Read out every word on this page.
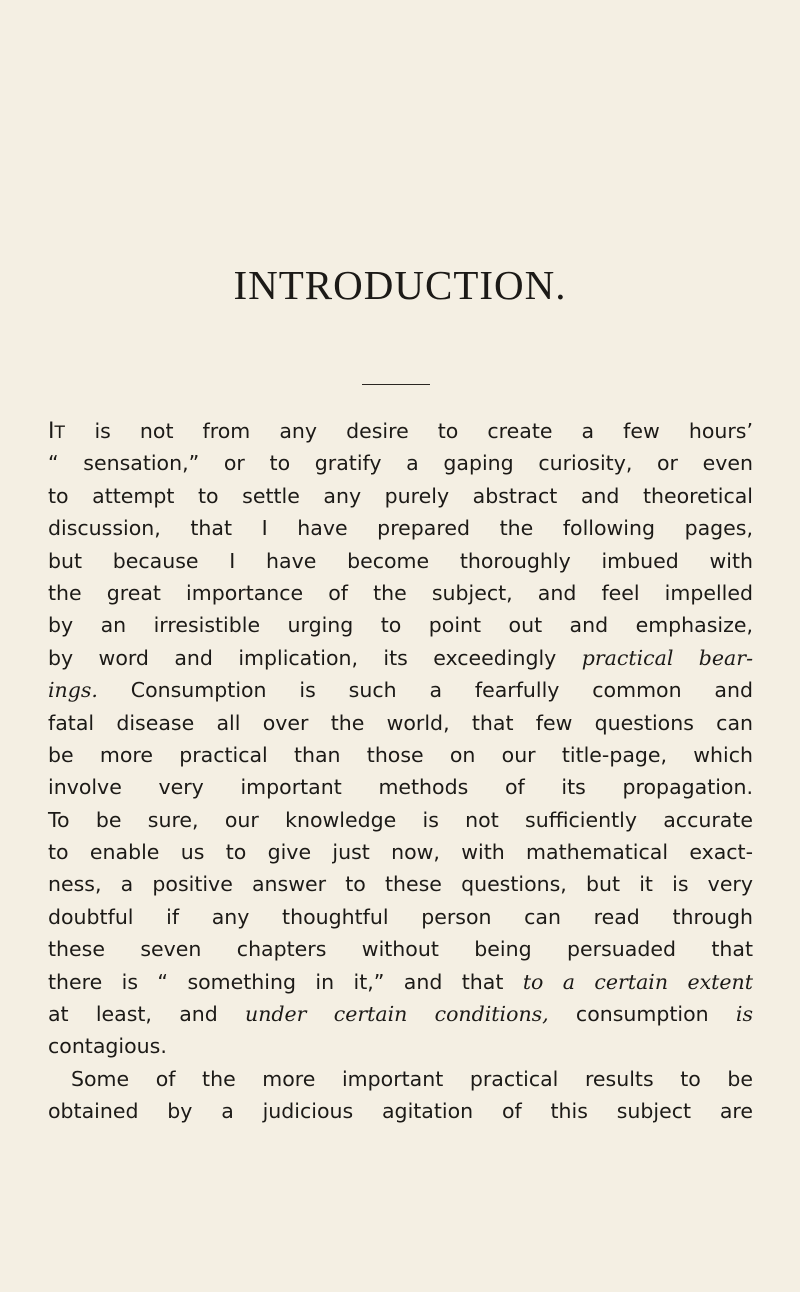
INTRODUCTION.
IT is not from any desire to create a few hours’
“ sensation,” or to gratify a gaping curiosity, or even
to attempt to settle any purely abstract and theoretical
discussion, that I have prepared the following pages,
but because I have become thoroughly imbued with
the great importance of the subject, and feel impelled
by an irresistible urging to point out and emphasize,
by word and implication, its exceedingly practical bear-
ings. Consumption is such a fearfully common and
fatal disease all over the world, that few questions can
be more practical than those on our title-page, which
involve very important methods of its propagation.
To be sure, our knowledge is not sufficiently accurate
to enable us to give just now, with mathematical exact-
ness, a positive answer to these questions, but it is very
doubtful if any thoughtful person can read through
these seven chapters without being persuaded that
there is “ something in it,” and that to a certain extent
at least, and under certain conditions, consumption is
contagious.
Some of the more important practical results to be
obtained by a judicious agitation of this subject are
